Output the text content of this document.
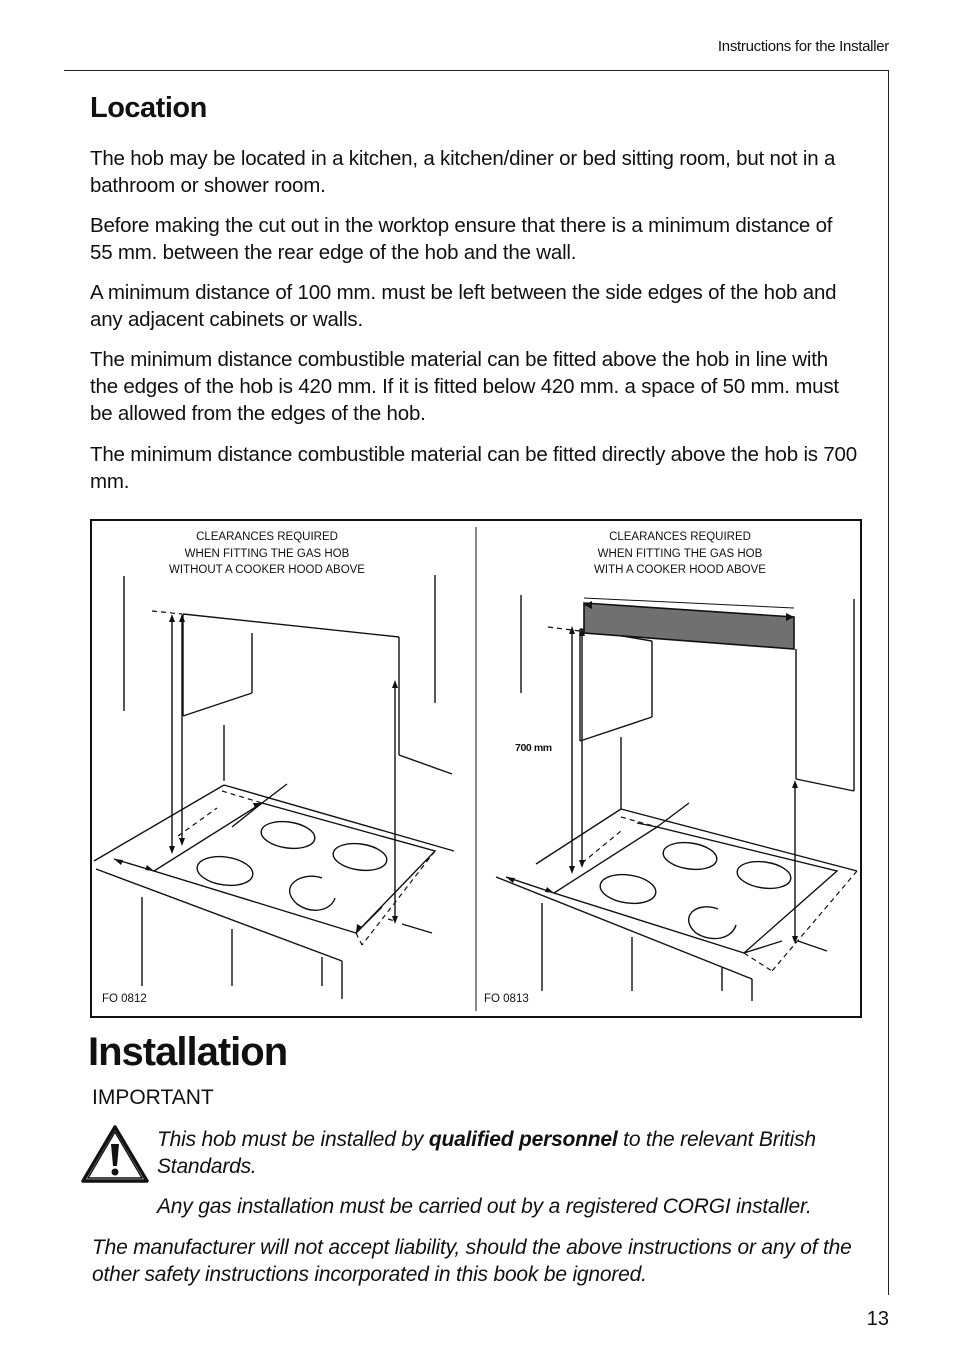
Instructions for the Installer
Location

The hob may be located in a kitchen, a kitchen/diner or bed sitting room, but not in a bathroom or shower room.

Before making the cut out in the worktop ensure that there is a minimum distance of 55 mm. between the rear edge of the hob and the wall.

A minimum distance of 100 mm. must be left between the side edges of the hob and any adjacent cabinets or walls.

The minimum distance combustible material can be fitted above the hob in line with the edges of the hob is 420 mm. If it is fitted below 420 mm. a space of 50 mm. must be allowed from the edges of the hob.

The minimum distance combustible material can be fitted directly above the hob is 700 mm.

CLEARANCES REQUIRED
WHEN FITTING THE GAS HOB
WITHOUT A COOKER HOOD ABOVE
CLEARANCES REQUIRED
WHEN FITTING THE GAS HOB
WITH A COOKER HOOD ABOVE
700 mm
FO 0812	FO 0813
Installation
IMPORTANT

This hob must be installed by qualified personnel to the relevant British Standards.

Any gas installation must be carried out by a registered CORGI installer.

The manufacturer will not accept liability, should the above instructions or any of the other safety instructions incorporated in this book be ignored.

13
